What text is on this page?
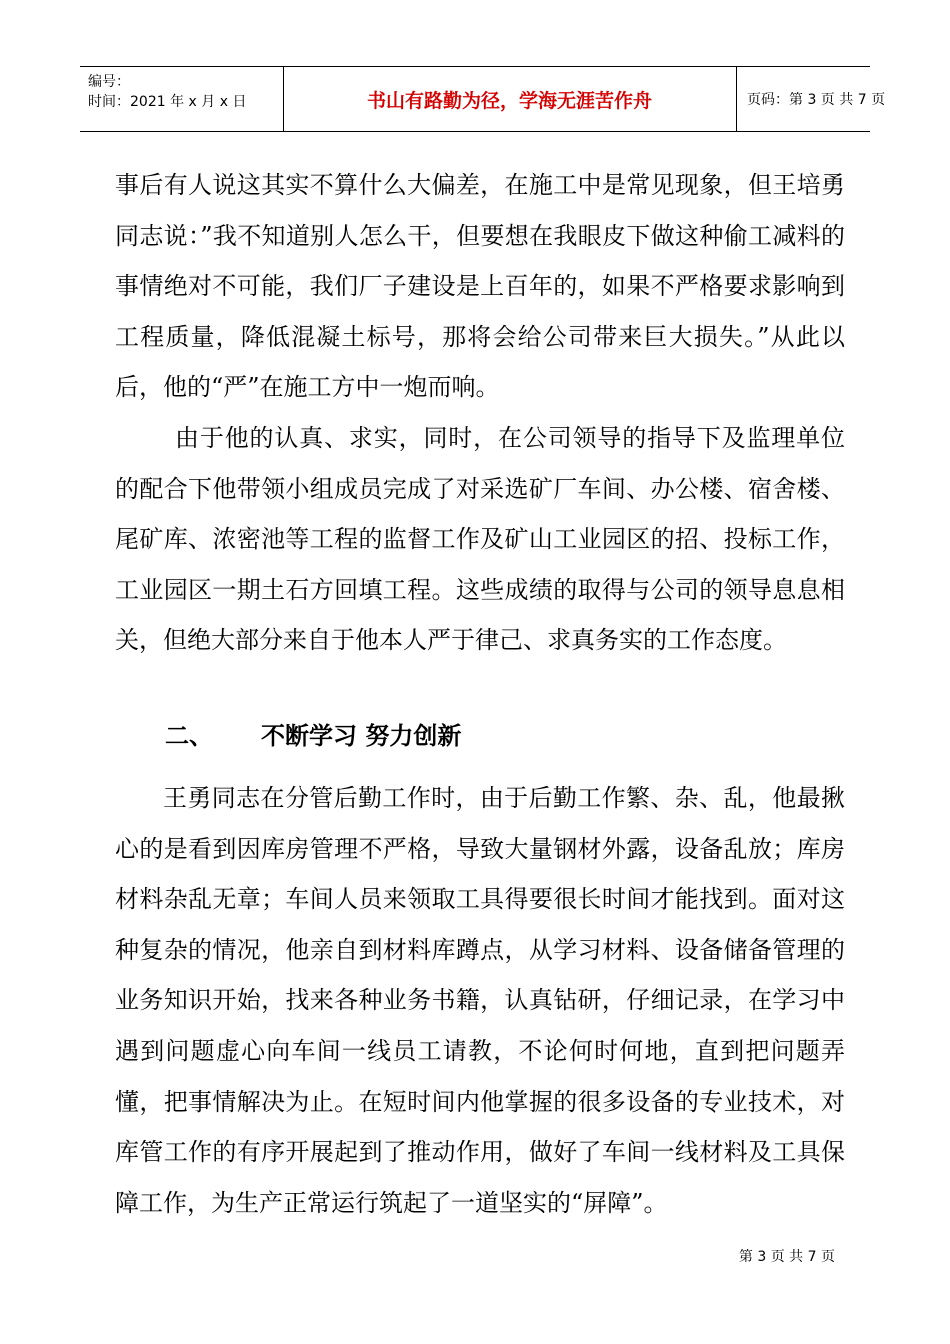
编号：
时间：2021 年 x 月 x 日	书山有路勤为径，学海无涯苦作舟	页码：第 3 页 共 7 页

事后有人说这其实不算什么大偏差，在施工中是常见现象，但王培勇同志说：”我不知道别人怎么干，但要想在我眼皮下做这种偷工减料的事情绝对不可能，我们厂子建设是上百年的，如果不严格要求影响到工程质量，降低混凝土标号，那将会给公司带来巨大损失。”从此以后，他的“严”在施工方中一炮而响。

由于他的认真、求实，同时，在公司领导的指导下及监理单位的配合下他带领小组成员完成了对采选矿厂车间、办公楼、宿舍楼、尾矿库、浓密池等工程的监督工作及矿山工业园区的招、投标工作，工业园区一期土石方回填工程。这些成绩的取得与公司的领导息息相关，但绝大部分来自于他本人严于律己、求真务实的工作态度。

二、 不断学习 努力创新

王勇同志在分管后勤工作时，由于后勤工作繁、杂、乱，他最揪心的是看到因库房管理不严格，导致大量钢材外露，设备乱放；库房材料杂乱无章；车间人员来领取工具得要很长时间才能找到。面对这种复杂的情况，他亲自到材料库蹲点，从学习材料、设备储备管理的业务知识开始，找来各种业务书籍，认真钻研，仔细记录，在学习中遇到问题虚心向车间一线员工请教，不论何时何地，直到把问题弄懂，把事情解决为止。在短时间内他掌握的很多设备的专业技术，对库管工作的有序开展起到了推动作用，做好了车间一线材料及工具保障工作，为生产正常运行筑起了一道坚实的“屏障”。

第 3 页 共 7 页
